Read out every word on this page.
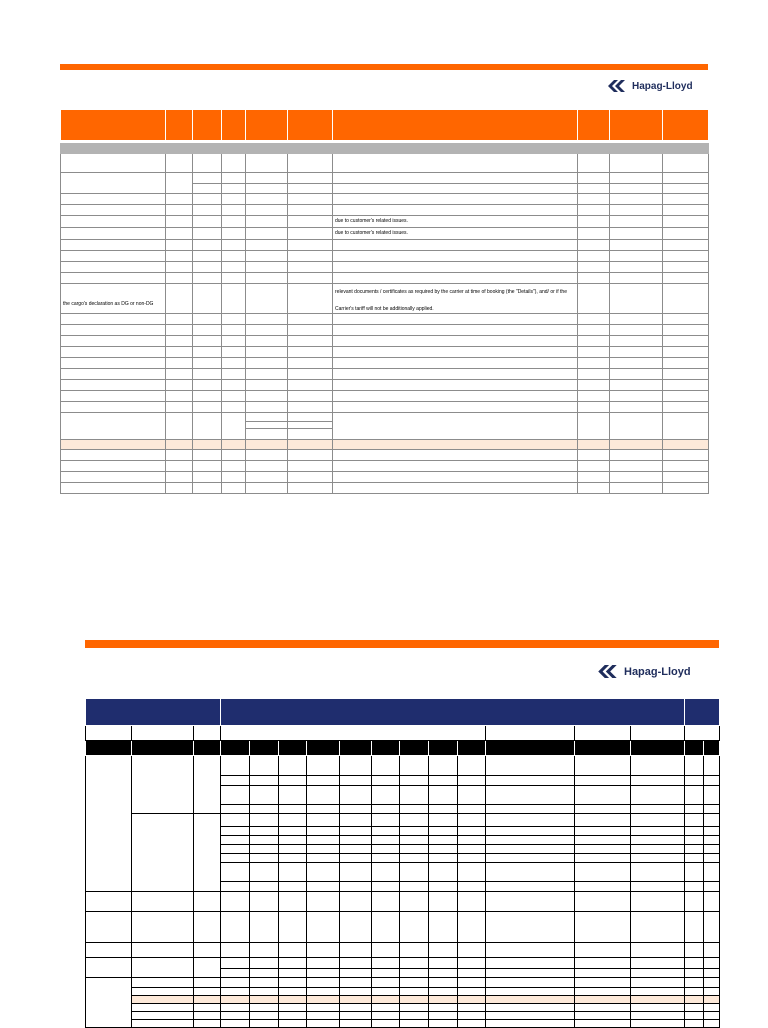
Hapag-Lloyd

						due to customer's related issues.			
						due to customer's related issues.			

the cargo's declaration as DG or non-DG						relevant documents / certificates as required by the carrier at time of booking (the "Details"), and/ or if the
Carrier's tariff will not be additionally applied.			

Hapag-Lloyd
